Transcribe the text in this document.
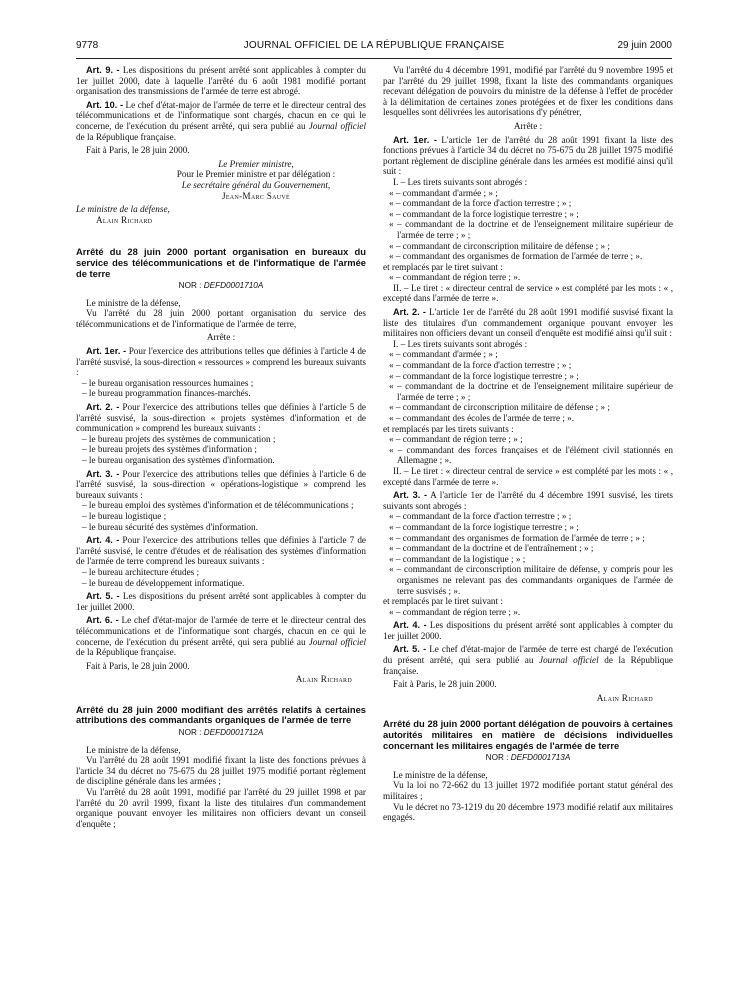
9778	JOURNAL OFFICIEL DE LA RÉPUBLIQUE FRANÇAISE	29 juin 2000

Art. 9. - Les dispositions du présent arrêté sont applicables à compter du 1er juillet 2000, date à laquelle l'arrêté du 6 août 1981 modifié portant organisation des transmissions de l'armée de terre est abrogé.

Art. 10. - Le chef d'état-major de l'armée de terre et le directeur central des télécommunications et de l'informatique sont chargés, chacun en ce qui le concerne, de l'exécution du présent arrêté, qui sera publié au Journal officiel de la République française.

Fait à Paris, le 28 juin 2000.

Le Premier ministre,

Pour le Premier ministre et par délégation :

Le secrétaire général du Gouvernement,

Jean-Marc Sauvé

Le ministre de la défense,

Alain Richard

Arrêté du 28 juin 2000 portant organisation en bureaux du service des télécommunications et de l'informatique de l'armée de terre

NOR : DEFD0001710A

Le ministre de la défense,

Vu l'arrêté du 28 juin 2000 portant organisation du service des télécommunications et de l'informatique de l'armée de terre,

Arrête :

Art. 1er. - Pour l'exercice des attributions telles que définies à l'article 4 de l'arrêté susvisé, la sous-direction « ressources » comprend les bureaux suivants :

– le bureau organisation ressources humaines ;

– le bureau programmation finances-marchés.

Art. 2. - Pour l'exercice des attributions telles que définies à l'article 5 de l'arrêté susvisé, la sous-direction « projets systèmes d'information et de communication » comprend les bureaux suivants :

– le bureau projets des systèmes de communication ;

– le bureau projets des systèmes d'information ;

– le bureau organisation des systèmes d'information.

Art. 3. - Pour l'exercice des attributions telles que définies à l'article 6 de l'arrêté susvisé, la sous-direction « opérations-logistique » comprend les bureaux suivants :

– le bureau emploi des systèmes d'information et de télécommunications ;

– le bureau logistique ;

– le bureau sécurité des systèmes d'information.

Art. 4. - Pour l'exercice des attributions telles que définies à l'article 7 de l'arrêté susvisé, le centre d'études et de réalisation des systèmes d'information de l'armée de terre comprend les bureaux suivants :

– le bureau architecture études ;

– le bureau de développement informatique.

Art. 5. - Les dispositions du présent arrêté sont applicables à compter du 1er juillet 2000.

Art. 6. - Le chef d'état-major de l'armée de terre et le directeur central des télécommunications et de l'informatique sont chargés, chacun en ce qui le concerne, de l'exécution du présent arrêté, qui sera publié au Journal officiel de la République française.

Fait à Paris, le 28 juin 2000.

Alain Richard

Arrêté du 28 juin 2000 modifiant des arrêtés relatifs à certaines attributions des commandants organiques de l'armée de terre

NOR : DEFD0001712A

Le ministre de la défense,

Vu l'arrêté du 28 août 1991 modifié fixant la liste des fonctions prévues à l'article 34 du décret no 75-675 du 28 juillet 1975 modifié portant règlement de discipline générale dans les armées ;

Vu l'arrêté du 28 août 1991, modifié par l'arrêté du 29 juillet 1998 et par l'arrêté du 20 avril 1999, fixant la liste des titulaires d'un commandement organique pouvant envoyer les militaires non officiers devant un conseil d'enquête ;

Vu l'arrêté du 4 décembre 1991, modifié par l'arrêté du 9 novembre 1995 et par l'arrêté du 29 juillet 1998, fixant la liste des commandants organiques recevant délégation de pouvoirs du ministre de la défense à l'effet de procéder à la délimitation de certaines zones protégées et de fixer les conditions dans lesquelles sont délivrées les autorisations d'y pénétrer,

Arrête :

Art. 1er. - L'article 1er de l'arrêté du 28 août 1991 fixant la liste des fonctions prévues à l'article 34 du décret no 75-675 du 28 juillet 1975 modifié portant règlement de discipline générale dans les armées est modifié ainsi qu'il suit :

I. – Les tirets suivants sont abrogés :

« – commandant d'armée ; » ;

« – commandant de la force d'action terrestre ; » ;

« – commandant de la force logistique terrestre ; » ;

« – commandant de la doctrine et de l'enseignement militaire supérieur de l'armée de terre ; » ;

« – commandant de circonscription militaire de défense ; » ;

« – commandant des organismes de formation de l'armée de terre ; ».

et remplacés par le tiret suivant :

« – commandant de région terre ; ».

II. – Le tiret : « directeur central de service » est complété par les mots : « , excepté dans l'armée de terre ».

Art. 2. - L'article 1er de l'arrêté du 28 août 1991 modifié susvisé fixant la liste des titulaires d'un commandement organique pouvant envoyer les militaires non officiers devant un conseil d'enquête est modifié ainsi qu'il suit :

I. – Les tirets suivants sont abrogés :

« – commandant d'armée ; » ;

« – commandant de la force d'action terrestre ; » ;

« – commandant de la force logistique terrestre ; » ;

« – commandant de la doctrine et de l'enseignement militaire supérieur de l'armée de terre ; » ;

« – commandant de circonscription militaire de défense ; » ;

« – commandant des écoles de l'armée de terre ; ».

et remplacés par les tirets suivants :

« – commandant de région terre ; » ;

« – commandant des forces françaises et de l'élément civil stationnés en Allemagne ; ».

II. – Le tiret : « directeur central de service » est complété par les mots : « , excepté dans l'armée de terre ».

Art. 3. - A l'article 1er de l'arrêté du 4 décembre 1991 susvisé, les tirets suivants sont abrogés :

« – commandant de la force d'action terrestre ; » ;

« – commandant de la force logistique terrestre ; » ;

« – commandant des organismes de formation de l'armée de terre ; » ;

« – commandant de la doctrine et de l'entraînement ; » ;

« – commandant de la logistique ; » ;

« – commandant de circonscription militaire de défense, y compris pour les organismes ne relevant pas des commandants organiques de l'armée de terre susvisés ; ».

et remplacés par le tiret suivant :

« – commandant de région terre ; ».

Art. 4. - Les dispositions du présent arrêté sont applicables à compter du 1er juillet 2000.

Art. 5. - Le chef d'état-major de l'armée de terre est chargé de l'exécution du présent arrêté, qui sera publié au Journal officiel de la République française.

Fait à Paris, le 28 juin 2000.

Alain Richard

Arrêté du 28 juin 2000 portant délégation de pouvoirs à certaines autorités militaires en matière de décisions individuelles concernant les militaires engagés de l'armée de terre

NOR : DEFD0001713A

Le ministre de la défense,

Vu la loi no 72-662 du 13 juillet 1972 modifiée portant statut général des militaires ;

Vu le décret no 73-1219 du 20 décembre 1973 modifié relatif aux militaires engagés.
